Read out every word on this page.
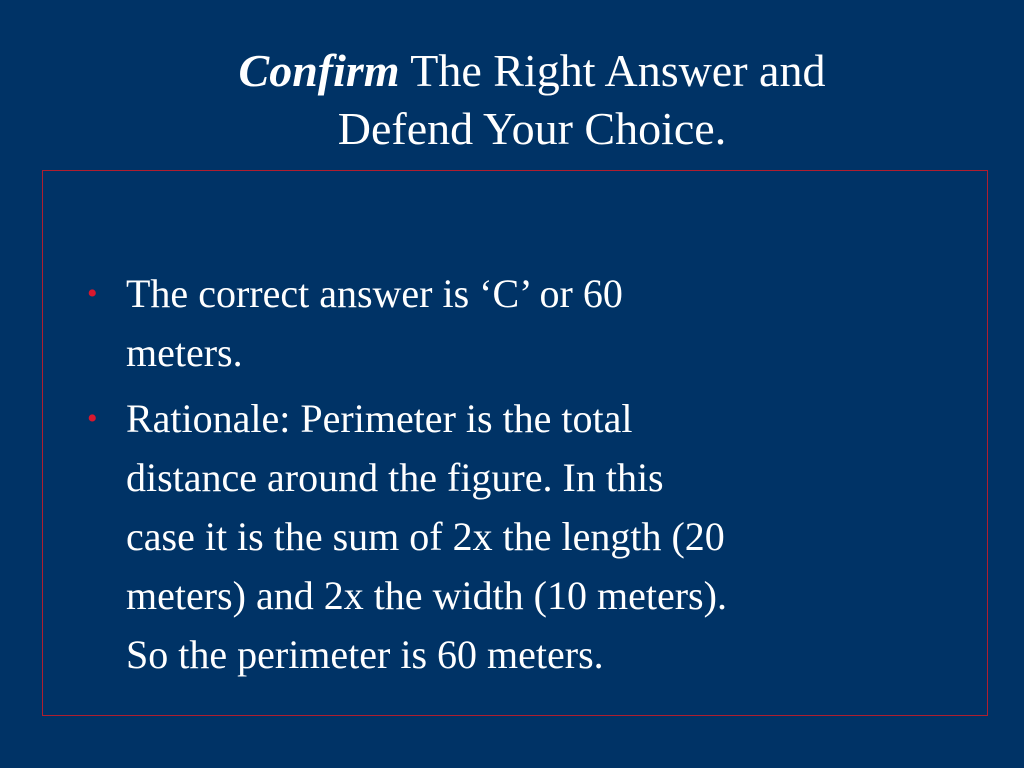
Confirm The Right Answer and
Defend Your Choice.
• The correct answer is ‘C’ or 60
meters.
• Rationale: Perimeter is the total
distance around the figure. In this
case it is the sum of 2x the length (20
meters) and 2x the width (10 meters).
So the perimeter is 60 meters.
